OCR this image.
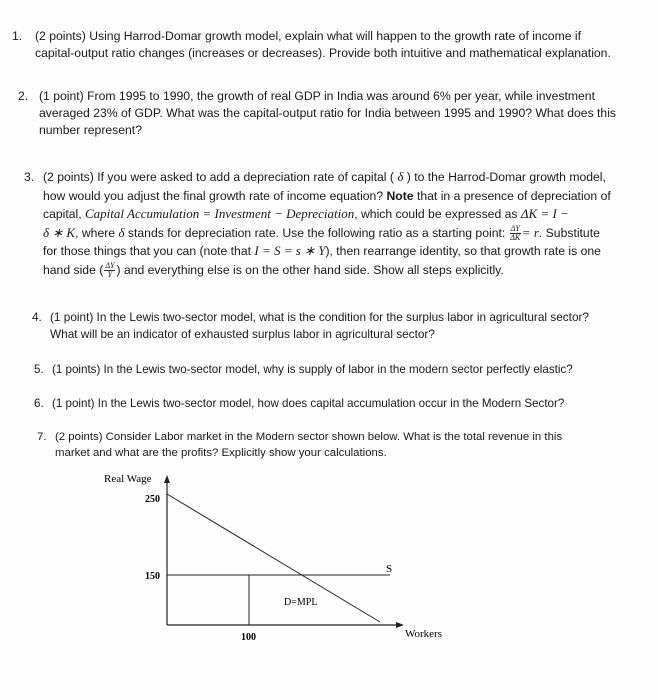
1. (2 points) Using Harrod-Domar growth model, explain what will happen to the growth rate of income if
capital-output ratio changes (increases or decreases). Provide both intuitive and mathematical explanation.
2. (1 point) From 1995 to 1990, the growth of real GDP in India was around 6% per year, while investment
averaged 23% of GDP. What was the capital-output ratio for India between 1995 and 1990? What does this
number represent?
3. (2 points) If you were asked to add a depreciation rate of capital ( δ ) to the Harrod-Domar growth model,
how would you adjust the final growth rate of income equation? Note that in a presence of depreciation of
capital, Capital Accumulation = Investment − Depreciation, which could be expressed as ΔK = I −
δ ∗ K, where δ stands for depreciation rate. Use the following ratio as a starting point: $\frac{\Delta Y}{\Delta K} = r$. Substitute
for those things that you can (note that I = S = s ∗ Y), then rearrange identity, so that growth rate is one
hand side ( $\frac{\Delta Y}{Y}$ ) and everything else is on the other hand side. Show all steps explicitly.
4. (1 point) In the Lewis two-sector model, what is the condition for the surplus labor in agricultural sector?
What will be an indicator of exhausted surplus labor in agricultural sector?
5. (1 points) In the Lewis two-sector model, why is supply of labor in the modern sector perfectly elastic?
6. (1 point) In the Lewis two-sector model, how does capital accumulation occur in the Modern Sector?
7. (2 points) Consider Labor market in the Modern sector shown below. What is the total revenue in this
market and what are the profits? Explicitly show your calculations.
Real Wage
250
150
100	Workers
S
D=MPL
